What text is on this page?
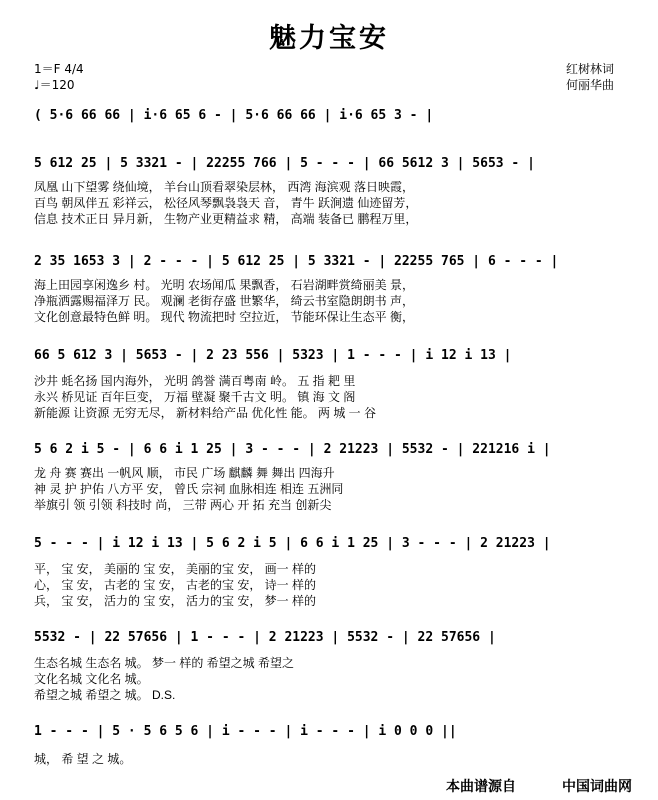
魅力宝安
1＝F 4/4
♩＝120
红树林词
何丽华曲
( 5·6 66 66 | i·6 65 6 - | 5·6 66 66 | i·6 65 3 - |
5 612 25 | 5 3321 - | 22255 766 | 5 - - - | 66 5612 3 | 5653 - |
凤凰 山下望雾 绕仙境， 羊台山顶看翠染层林， 西湾 海滨观 落日映霞，
百鸟 朝凤伴五 彩祥云， 松径风琴飘袅袅天 音， 青牛 跃涧遗 仙迹留芳，
信息 技术正日 异月新， 生物产业更精益求 精， 高端 装备已 鹏程万里，
2 35 1653 3 | 2 - - - | 5 612 25 | 5 3321 - | 22255 765 | 6 - - - |
海上田园享闲逸乡 村。 光明 农场闻瓜 果飘香， 石岩湖畔赏绮丽美 景，
净瓶洒露赐福泽万 民。 观澜 老街存盛 世繁华， 绮云书室隐朗朗书 声，
文化创意最特色鲜 明。 现代 物流把时 空拉近， 节能环保让生态平 衡，
66 5 612 3 | 5653 - | 2 23 556 | 5323 | 1 - - - | i 12 i 13 |
沙井 蚝名扬 国内海外， 光明 鸽誉 满百粤南 岭。 五 指 耙 里
永兴 桥见证 百年巨变， 万福 壁凝 聚千古文 明。 镇 海 文 阁
新能源 让资源 无穷无尽， 新材料给产品 优化性 能。 两 城 一 谷
5 6 2 i 5 - | 6 6 i 1 25 | 3 - - - | 2 21223 | 5532 - | 221216 i |
龙 舟 赛 赛出 一帆风 顺， 市民 广场 麒麟 舞 舞出 四海升
神 灵 护 护佑 八方平 安， 曾氏 宗祠 血脉相连 相连 五洲同
举旗引 领 引领 科技时 尚， 三带 两心 开 拓 充当 创新尖
5 - - - | i 12 i 13 | 5 6 2 i 5 | 6 6 i 1 25 | 3 - - - | 2 21223 |
平， 宝 安， 美丽的 宝 安， 美丽的宝 安， 画一 样的
心， 宝 安， 古老的 宝 安， 古老的宝 安， 诗一 样的
兵， 宝 安， 活力的 宝 安， 活力的宝 安， 梦一 样的
5532 - | 22 57656 | 1 - - - | 2 21223 | 5532 - | 22 57656 |
生态名城 生态名 城。 梦一 样的 希望之城 希望之
文化名城 文化名 城。
希望之城 希望之 城。 D.S.
1 - - - | 5 · 5 6 5 6 | i - - - | i - - - | i 0 0 0 ||
城， 希 望 之 城。
本曲谱源自	中国词曲网
